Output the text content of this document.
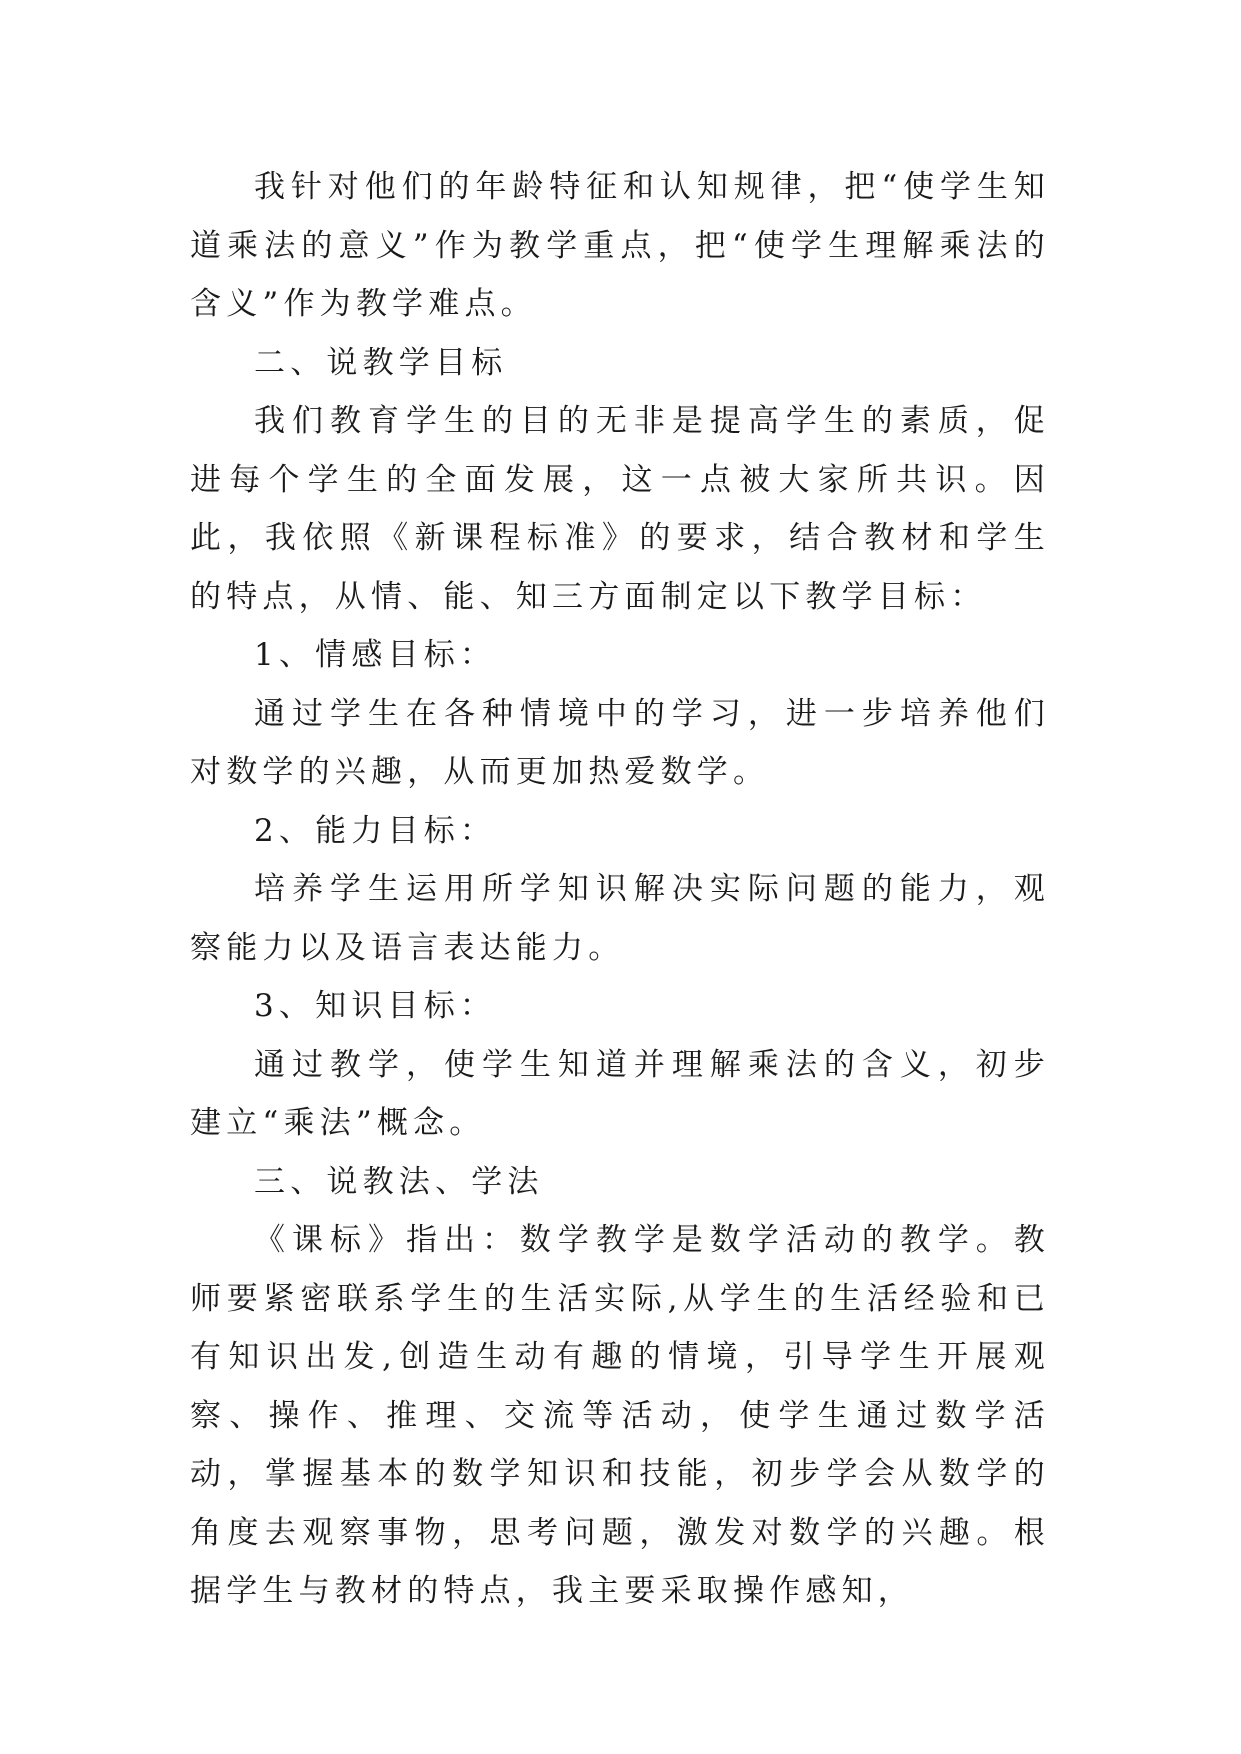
我针对他们的年龄特征和认知规律，把“使学生知道乘法的意义”作为教学重点，把“使学生理解乘法的含义”作为教学难点。

二、说教学目标

我们教育学生的目的无非是提高学生的素质，促进每个学生的全面发展，这一点被大家所共识。因此，我依照《新课程标准》的要求，结合教材和学生的特点，从情、能、知三方面制定以下教学目标：

1、情感目标：

通过学生在各种情境中的学习，进一步培养他们对数学的兴趣，从而更加热爱数学。

2、能力目标：

培养学生运用所学知识解决实际问题的能力，观察能力以及语言表达能力。

3、知识目标：

通过教学，使学生知道并理解乘法的含义，初步建立“乘法”概念。

三、说教法、学法

《课标》指出：数学教学是数学活动的教学。教师要紧密联系学生的生活实际,从学生的生活经验和已有知识出发,创造生动有趣的情境，引导学生开展观察、操作、推理、交流等活动，使学生通过数学活动，掌握基本的数学知识和技能，初步学会从数学的角度去观察事物，思考问题，激发对数学的兴趣。根据学生与教材的特点，我主要采取操作感知，
